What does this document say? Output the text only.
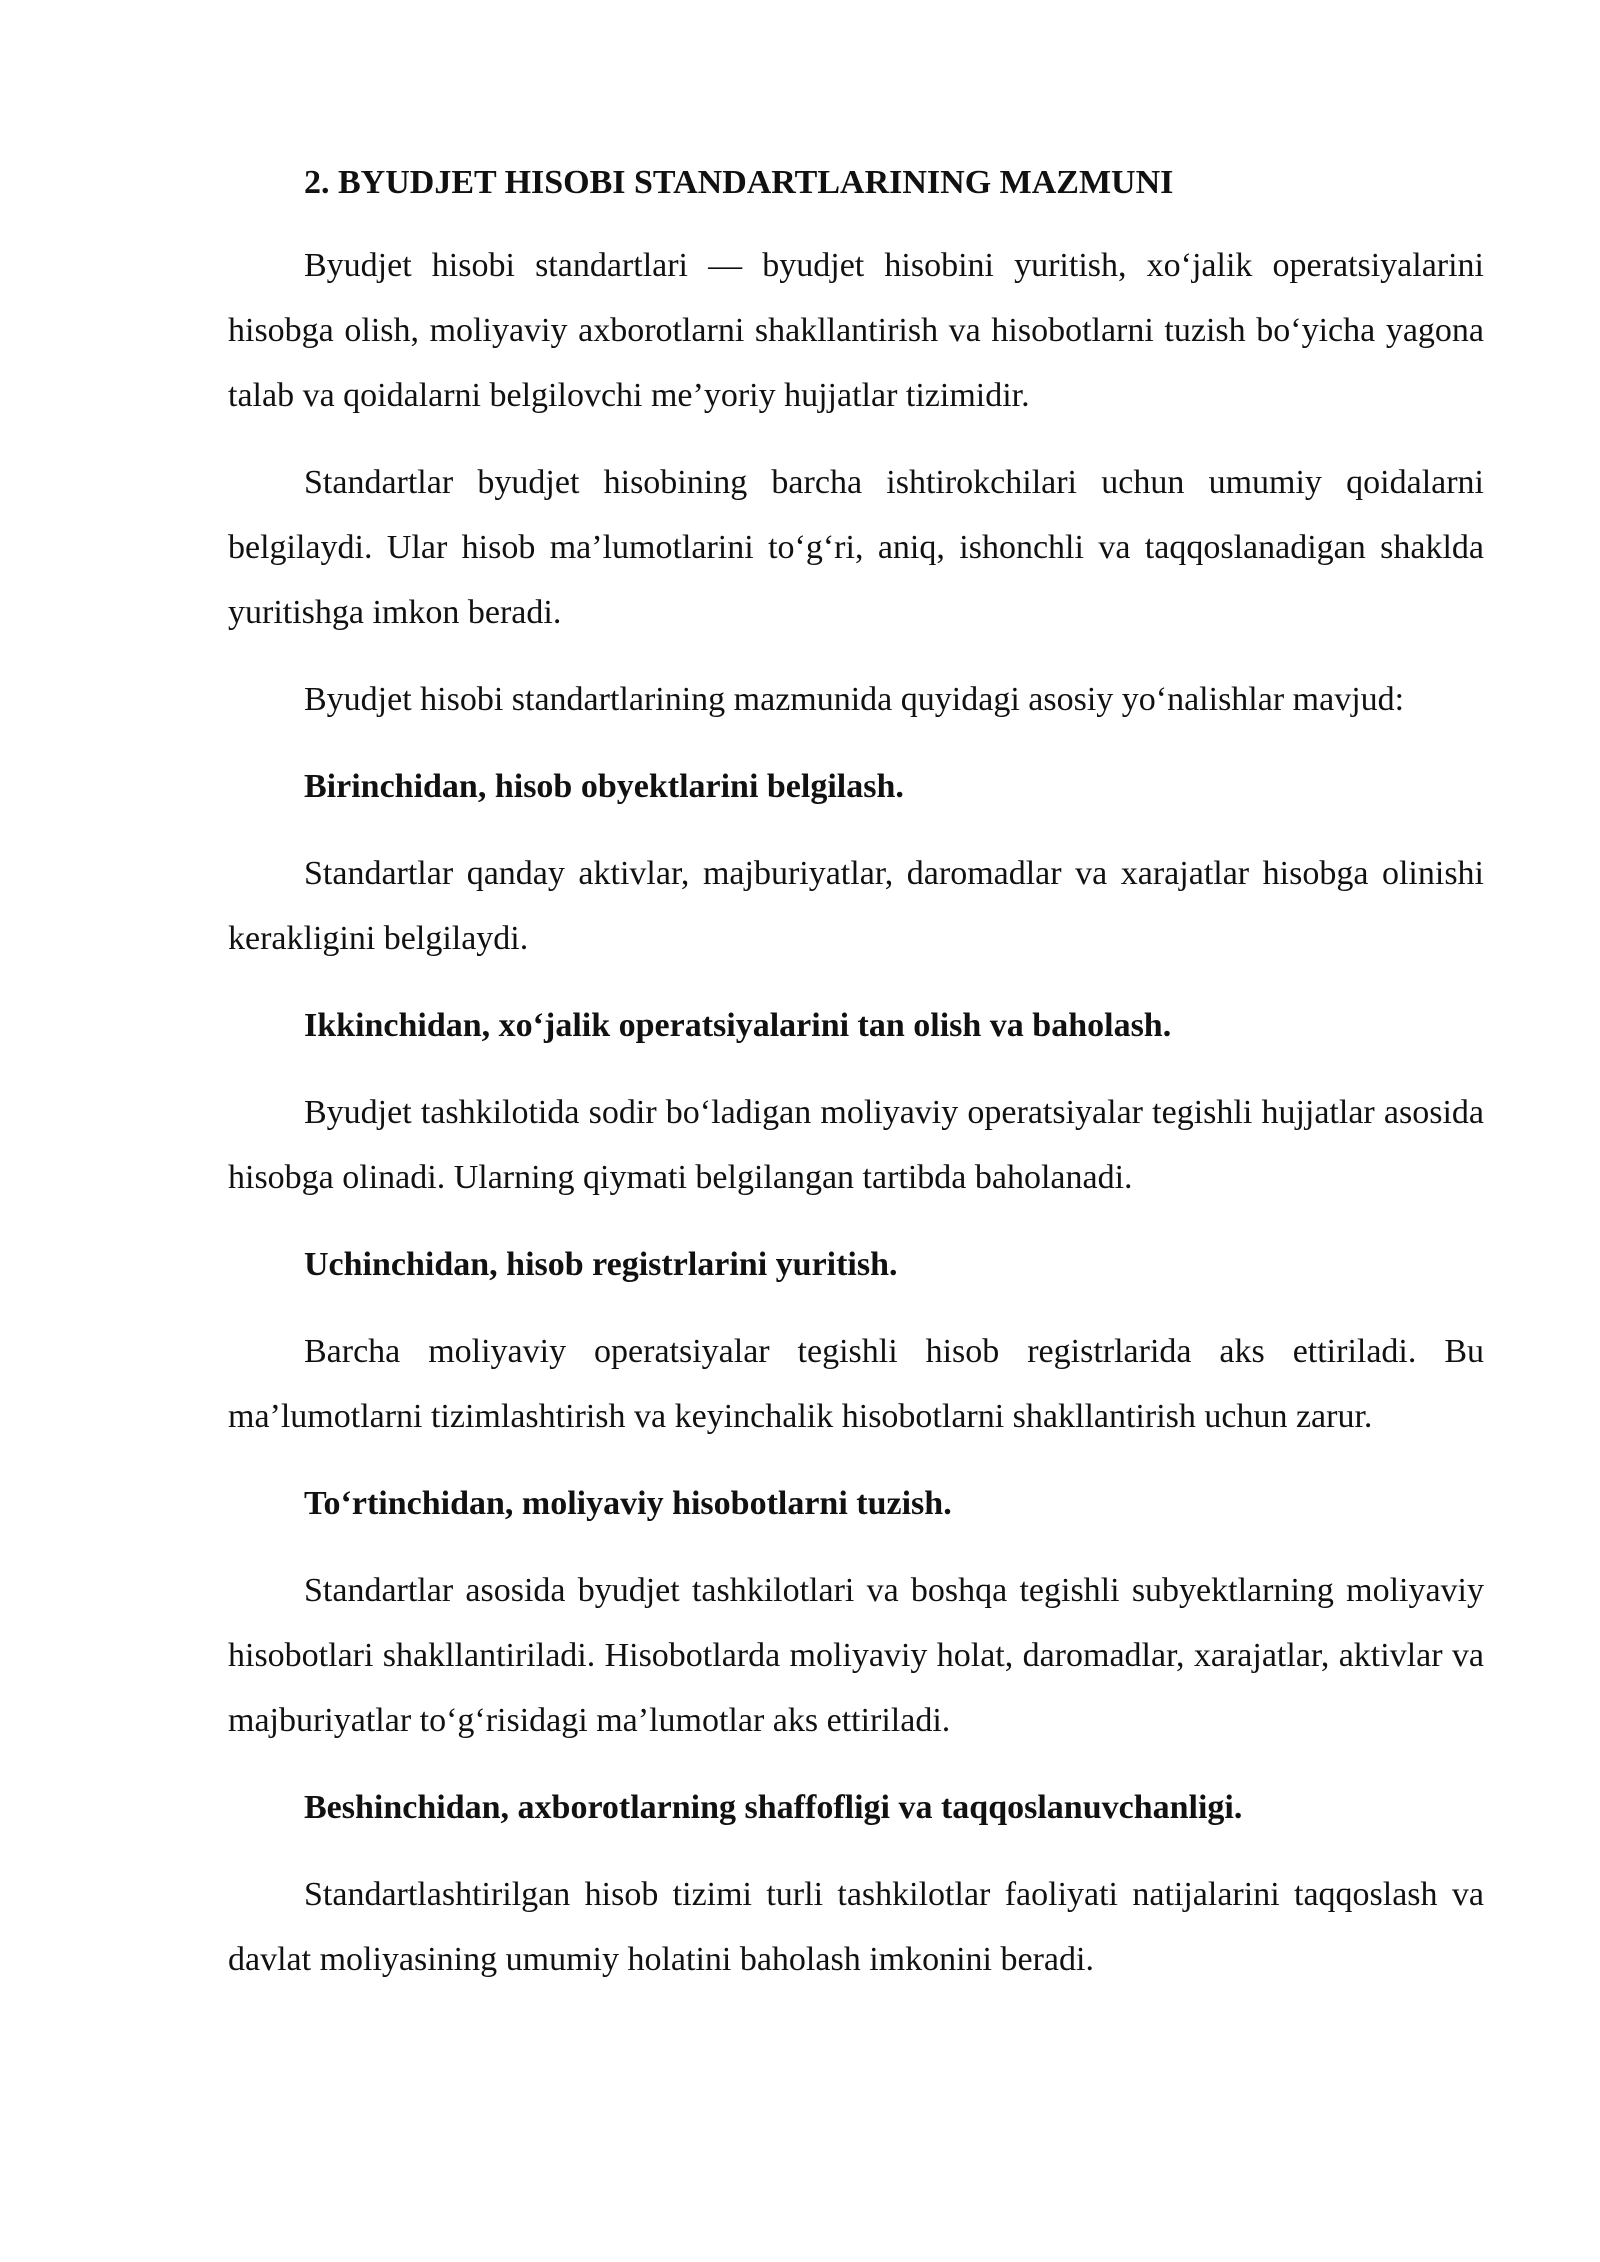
2. BYUDJET HISOBI STANDARTLARINING MAZMUNI

Byudjet hisobi standartlari — byudjet hisobini yuritish, xo‘jalik operatsiyalarini hisobga olish, moliyaviy axborotlarni shakllantirish va hisobotlarni tuzish bo‘yicha yagona talab va qoidalarni belgilovchi me’yoriy hujjatlar tizimidir.

Standartlar byudjet hisobining barcha ishtirokchilari uchun umumiy qoidalarni belgilaydi. Ular hisob ma’lumotlarini to‘g‘ri, aniq, ishonchli va taqqoslanadigan shaklda yuritishga imkon beradi.

Byudjet hisobi standartlarining mazmunida quyidagi asosiy yo‘nalishlar mavjud:

Birinchidan, hisob obyektlarini belgilash.

Standartlar qanday aktivlar, majburiyatlar, daromadlar va xarajatlar hisobga olinishi kerakligini belgilaydi.

Ikkinchidan, xo‘jalik operatsiyalarini tan olish va baholash.

Byudjet tashkilotida sodir bo‘ladigan moliyaviy operatsiyalar tegishli hujjatlar asosida hisobga olinadi. Ularning qiymati belgilangan tartibda baholanadi.

Uchinchidan, hisob registrlarini yuritish.

Barcha moliyaviy operatsiyalar tegishli hisob registrlarida aks ettiriladi. Bu ma’lumotlarni tizimlashtirish va keyinchalik hisobotlarni shakllantirish uchun zarur.

To‘rtinchidan, moliyaviy hisobotlarni tuzish.

Standartlar asosida byudjet tashkilotlari va boshqa tegishli subyektlarning moliyaviy hisobotlari shakllantiriladi. Hisobotlarda moliyaviy holat, daromadlar, xarajatlar, aktivlar va majburiyatlar to‘g‘risidagi ma’lumotlar aks ettiriladi.

Beshinchidan, axborotlarning shaffofligi va taqqoslanuvchanligi.

Standartlashtirilgan hisob tizimi turli tashkilotlar faoliyati natijalarini taqqoslash va davlat moliyasining umumiy holatini baholash imkonini beradi.
